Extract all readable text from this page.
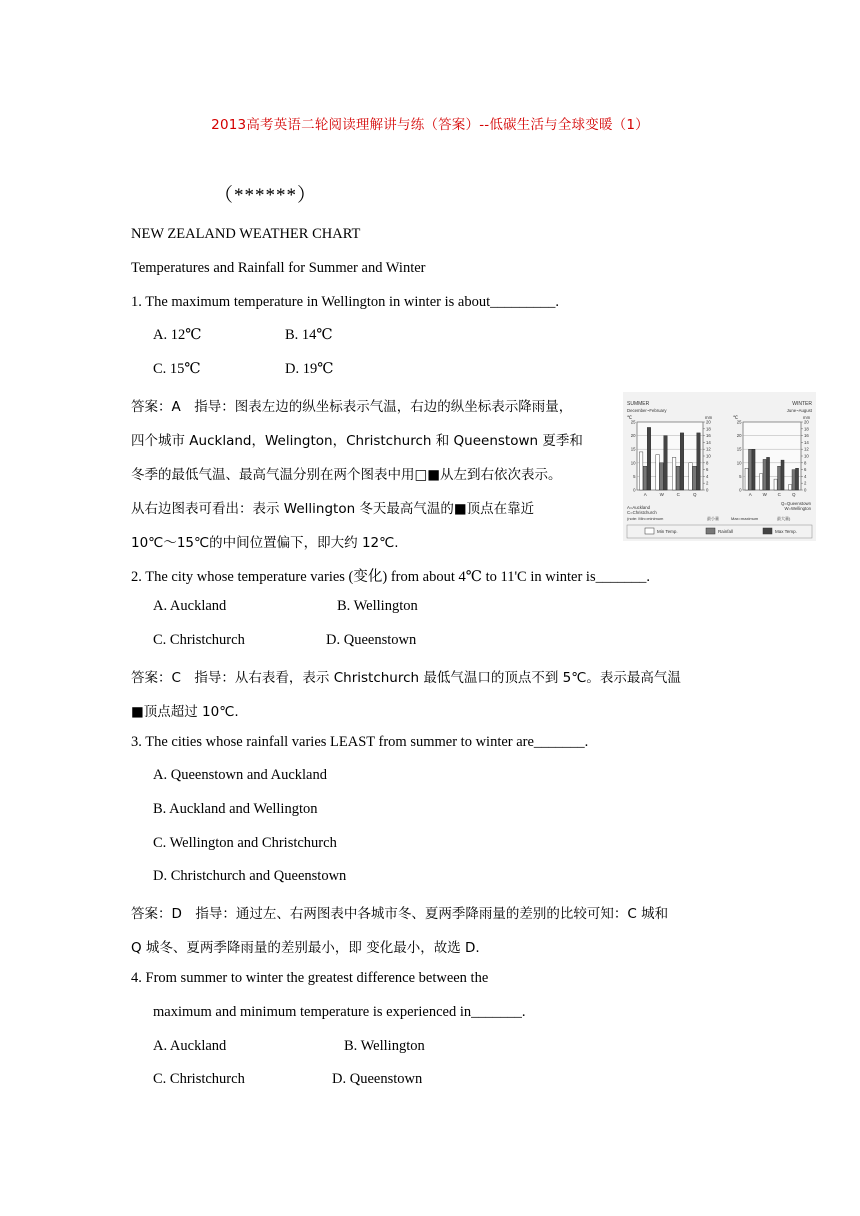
2013高考英语二轮阅读理解讲与练（答案）--低碳生活与全球变暖（1）
（******）
NEW ZEALAND WEATHER CHART
Temperatures and Rainfall for Summer and Winter
1. The maximum temperature in Wellington in winter is about_________.
A. 12℃	B. 14℃
C. 15℃	D. 19℃
答案：A　指导：图表左边的纵坐标表示气温，右边的纵坐标表示降雨量，
四个城市 Auckland，Welington，Christchurch 和 Queenstown 夏季和
冬季的最低气温、最高气温分别在两个图表中用□■从左到右依次表示。
从右边图表可看出：表示 Wellington 冬天最高气温的■顶点在靠近
10℃～15℃的中间位置偏下，即大约 12℃.
2. The city whose temperature varies (变化) from about 4℃ to 11'C in winter is_______.
A. Auckland	B. Wellington
C. Christchurch	D. Queenstown
答案：C　指导：从右表看，表示 Christchurch 最低气温口的顶点不到 5℃。表示最高气温
■顶点超过 10℃.
3. The cities whose rainfall varies LEAST from summer to winter are_______.
A. Queenstown and Auckland
B. Auckland and Wellington
C. Wellington and Christchurch
D. Christchurch and Queenstown
答案：D　指导：通过左、右两图表中各城市冬、夏两季降雨量的差别的比较可知：C 城和
Q 城冬、夏两季降雨量的差别最小，即 变化最小，故选 D.
4. From summer to winter the greatest difference between the
maximum and minimum temperature is experienced in_______.
A. Auckland	B. Wellington
C. Christchurch	D. Queenstown
SUMMER
December~February
WINTER
June~August
℃	mm	℃	mm
25
20
15
10
5
0
20
18
16
14
12
10
8
6
4
2
0
A	W	C	Q
25
20
15
10
5
0
20
18
16
14
12
10
8
6
4
2
0
A W C Q
A=Auckland
C=Christchurch
Q=Queenstown
W=Wellington
(note: Min=minimum	最小量	Max=maximum	最大量)
Min Temp.	Rainfall	Max Temp.
